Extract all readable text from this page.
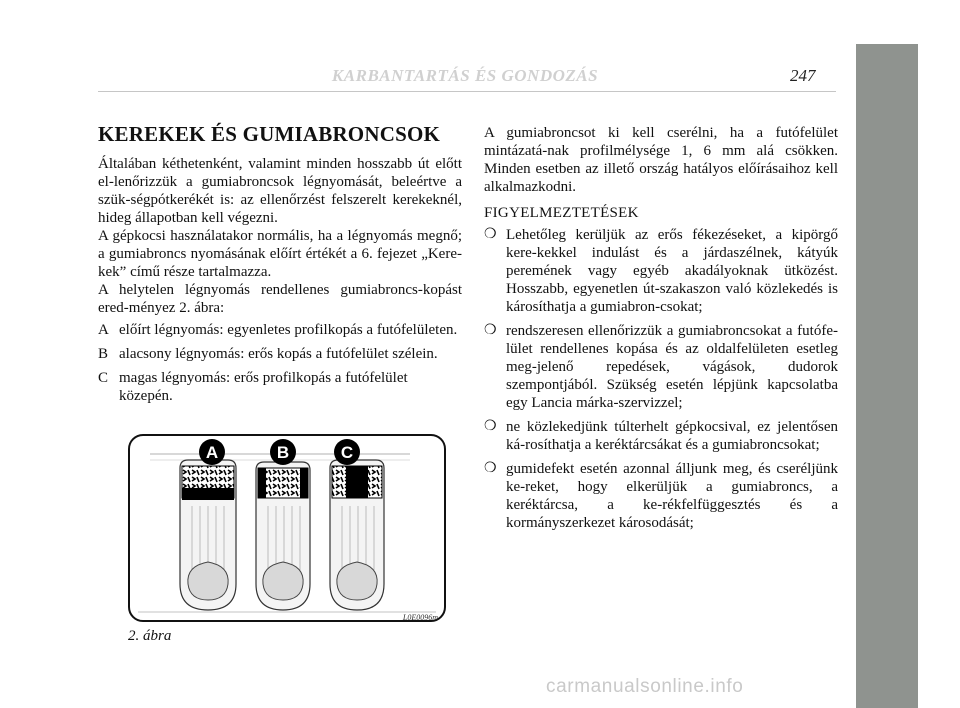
KARBANTARTÁS ÉS GONDOZÁS	247
KEREKEK ÉS GUMIABRONCSOK

Általában kéthetenként, valamint minden hosszabb út előtt el-lenőrizzük a gumiabroncsok légnyomását, beleértve a szük-ségpótkerékét is: az ellenőrzést felszerelt kerekeknél, hideg állapotban kell végezni.

A gépkocsi használatakor normális, ha a légnyomás megnő; a gumiabroncs nyomásának előírt értékét a 6. fejezet „Kere-kek” című része tartalmazza.

A helytelen légnyomás rendellenes gumiabroncs-kopást ered-ményez 2. ábra:

A előírt légnyomás: egyenletes profilkopás a futófelületen.
B alacsony légnyomás: erős kopás a futófelület szélein.
C magas légnyomás: erős profilkopás a futófelület közepén.

A gumiabroncsot ki kell cserélni, ha a futófelület mintázatá-nak profilmélysége 1, 6 mm alá csökken. Minden esetben az illető ország hatályos előírásaihoz kell alkalmazkodni.

FIGYELMEZTETÉSEK

❍ Lehetőleg kerüljük az erős fékezéseket, a kipörgő kere-kekkel indulást és a járdaszélnek, kátyúk peremének vagy egyéb akadályoknak ütközést. Hosszabb, egyenetlen út-szakaszon való közlekedés is károsíthatja a gumiabron-csokat;
❍ rendszeresen ellenőrizzük a gumiabroncsokat a futófe-lület rendellenes kopása és az oldalfelületen esetleg meg-jelenő repedések, vágások, dudorok szempontjából. Szükség esetén lépjünk kapcsolatba egy Lancia márka-szervizzel;
❍ ne közlekedjünk túlterhelt gépkocsival, ez jelentősen ká-rosíthatja a keréktárcsákat és a gumiabroncsokat;
❍ gumidefekt esetén azonnal álljunk meg, és cseréljünk ke-reket, hogy elkerüljük a gumiabroncs, a keréktárcsa, a ke-rékfelfüggesztés és a kormányszerkezet károsodását;
A	B	C
L0E0096m
2. ábra
carmanualsonline.info
